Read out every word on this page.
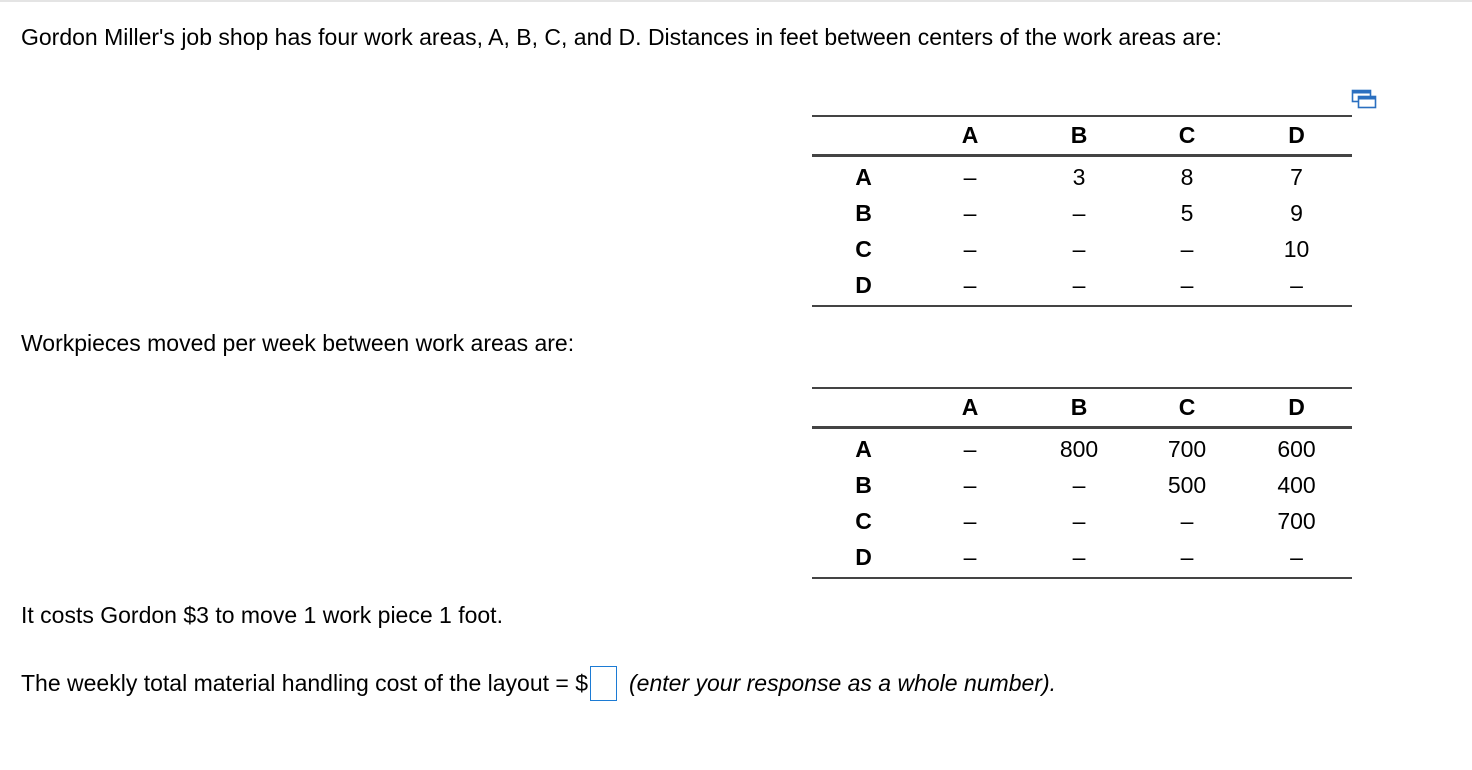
Gordon Miller's job shop has four work areas, A, B, C, and D. Distances in feet between centers of the work areas are:
	A	B	C	D
A	–	3	8	7
B	–	–	5	9
C	–	–	–	10
D	–	–	–	–
Workpieces moved per week between work areas are:
	A	B	C	D
A	–	800	700	600
B	–	–	500	400
C	–	–	–	700
D	–	–	–	–
It costs Gordon $3 to move 1 work piece 1 foot.
The weekly total material handling cost of the layout = $ (enter your response as a whole number).
